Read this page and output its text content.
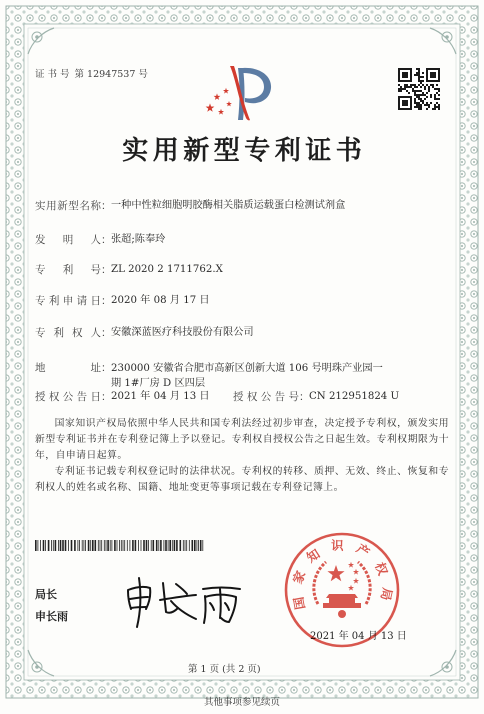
证书号 第 12947537 号
实用新型专利证书
实用新型名称：一种中性粒细胞明胶酶相关脂质运载蛋白检测试剂盒
发明人：张超;陈奉玲
专利号：ZL 2020 2 1711762.X
专利申请日：2020 年 08 月 17 日
专利权人：安徽深蓝医疗科技股份有限公司
地址：230000 安徽省合肥市高新区创新大道 106 号明珠产业园一期 1#厂房 D 区四层
授权公告日：2021 年 04 月 13 日 授权公告号：CN 212951824 U

国家知识产权局依照中华人民共和国专利法经过初步审查，决定授予专利权，颁发实用新型专利证书并在专利登记簿上予以登记。专利权自授权公告之日起生效。专利权期限为十年，自申请日起算。

专利证书记载专利权登记时的法律状况。专利权的转移、质押、无效、终止、恢复和专利权人的姓名或名称、国籍、地址变更等事项记载在专利登记簿上。

局长
申长雨
2021 年 04 月 13 日
国家知识产权局
第 1 页 (共 2 页)
其他事项参见续页
